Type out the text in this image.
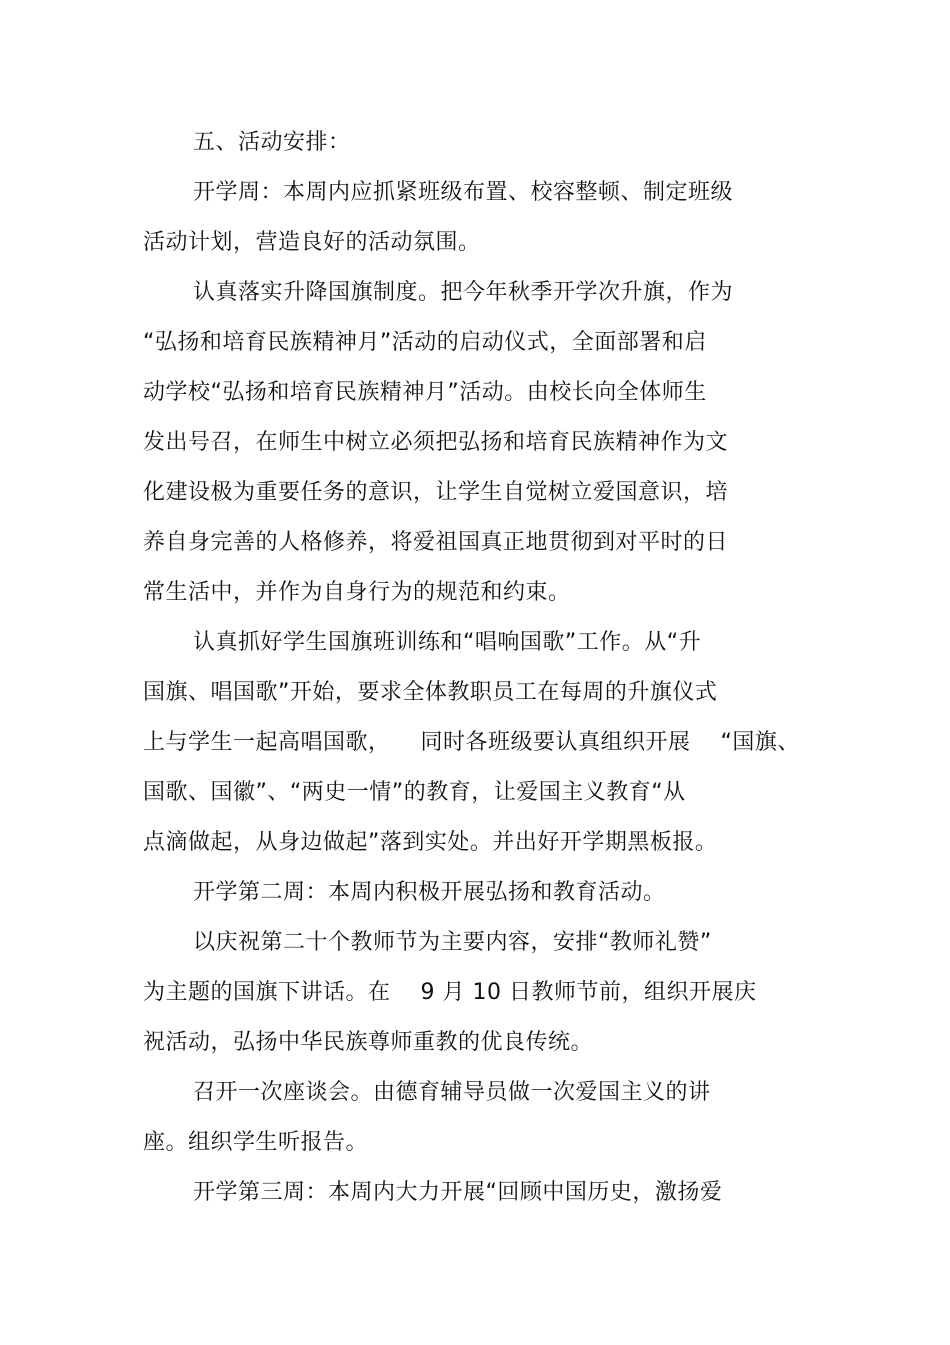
五、活动安排：
开学周：本周内应抓紧班级布置、校容整顿、制定班级
活动计划，营造良好的活动氛围。
认真落实升降国旗制度。把今年秋季开学次升旗，作为
“弘扬和培育民族精神月”活动的启动仪式，全面部署和启
动学校“弘扬和培育民族精神月”活动。由校长向全体师生
发出号召，在师生中树立必须把弘扬和培育民族精神作为文
化建设极为重要任务的意识，让学生自觉树立爱国意识，培
养自身完善的人格修养，将爱祖国真正地贯彻到对平时的日
常生活中，并作为自身行为的规范和约束。
认真抓好学生国旗班训练和“唱响国歌”工作。从“升
国旗、唱国歌”开始，要求全体教职员工在每周的升旗仪式
上与学生一起高唱国歌，    同时各班级要认真组织开展    “国旗、
国歌、国徽”、“两史一情”的教育，让爱国主义教育“从
点滴做起，从身边做起”落到实处。并出好开学期黑板报。
开学第二周：本周内积极开展弘扬和教育活动。
以庆祝第二十个教师节为主要内容，安排“教师礼赞”
为主题的国旗下讲话。在    9 月 10 日教师节前，组织开展庆
祝活动，弘扬中华民族尊师重教的优良传统。
召开一次座谈会。由德育辅导员做一次爱国主义的讲
座。组织学生听报告。
开学第三周：本周内大力开展“回顾中国历史，激扬爱
